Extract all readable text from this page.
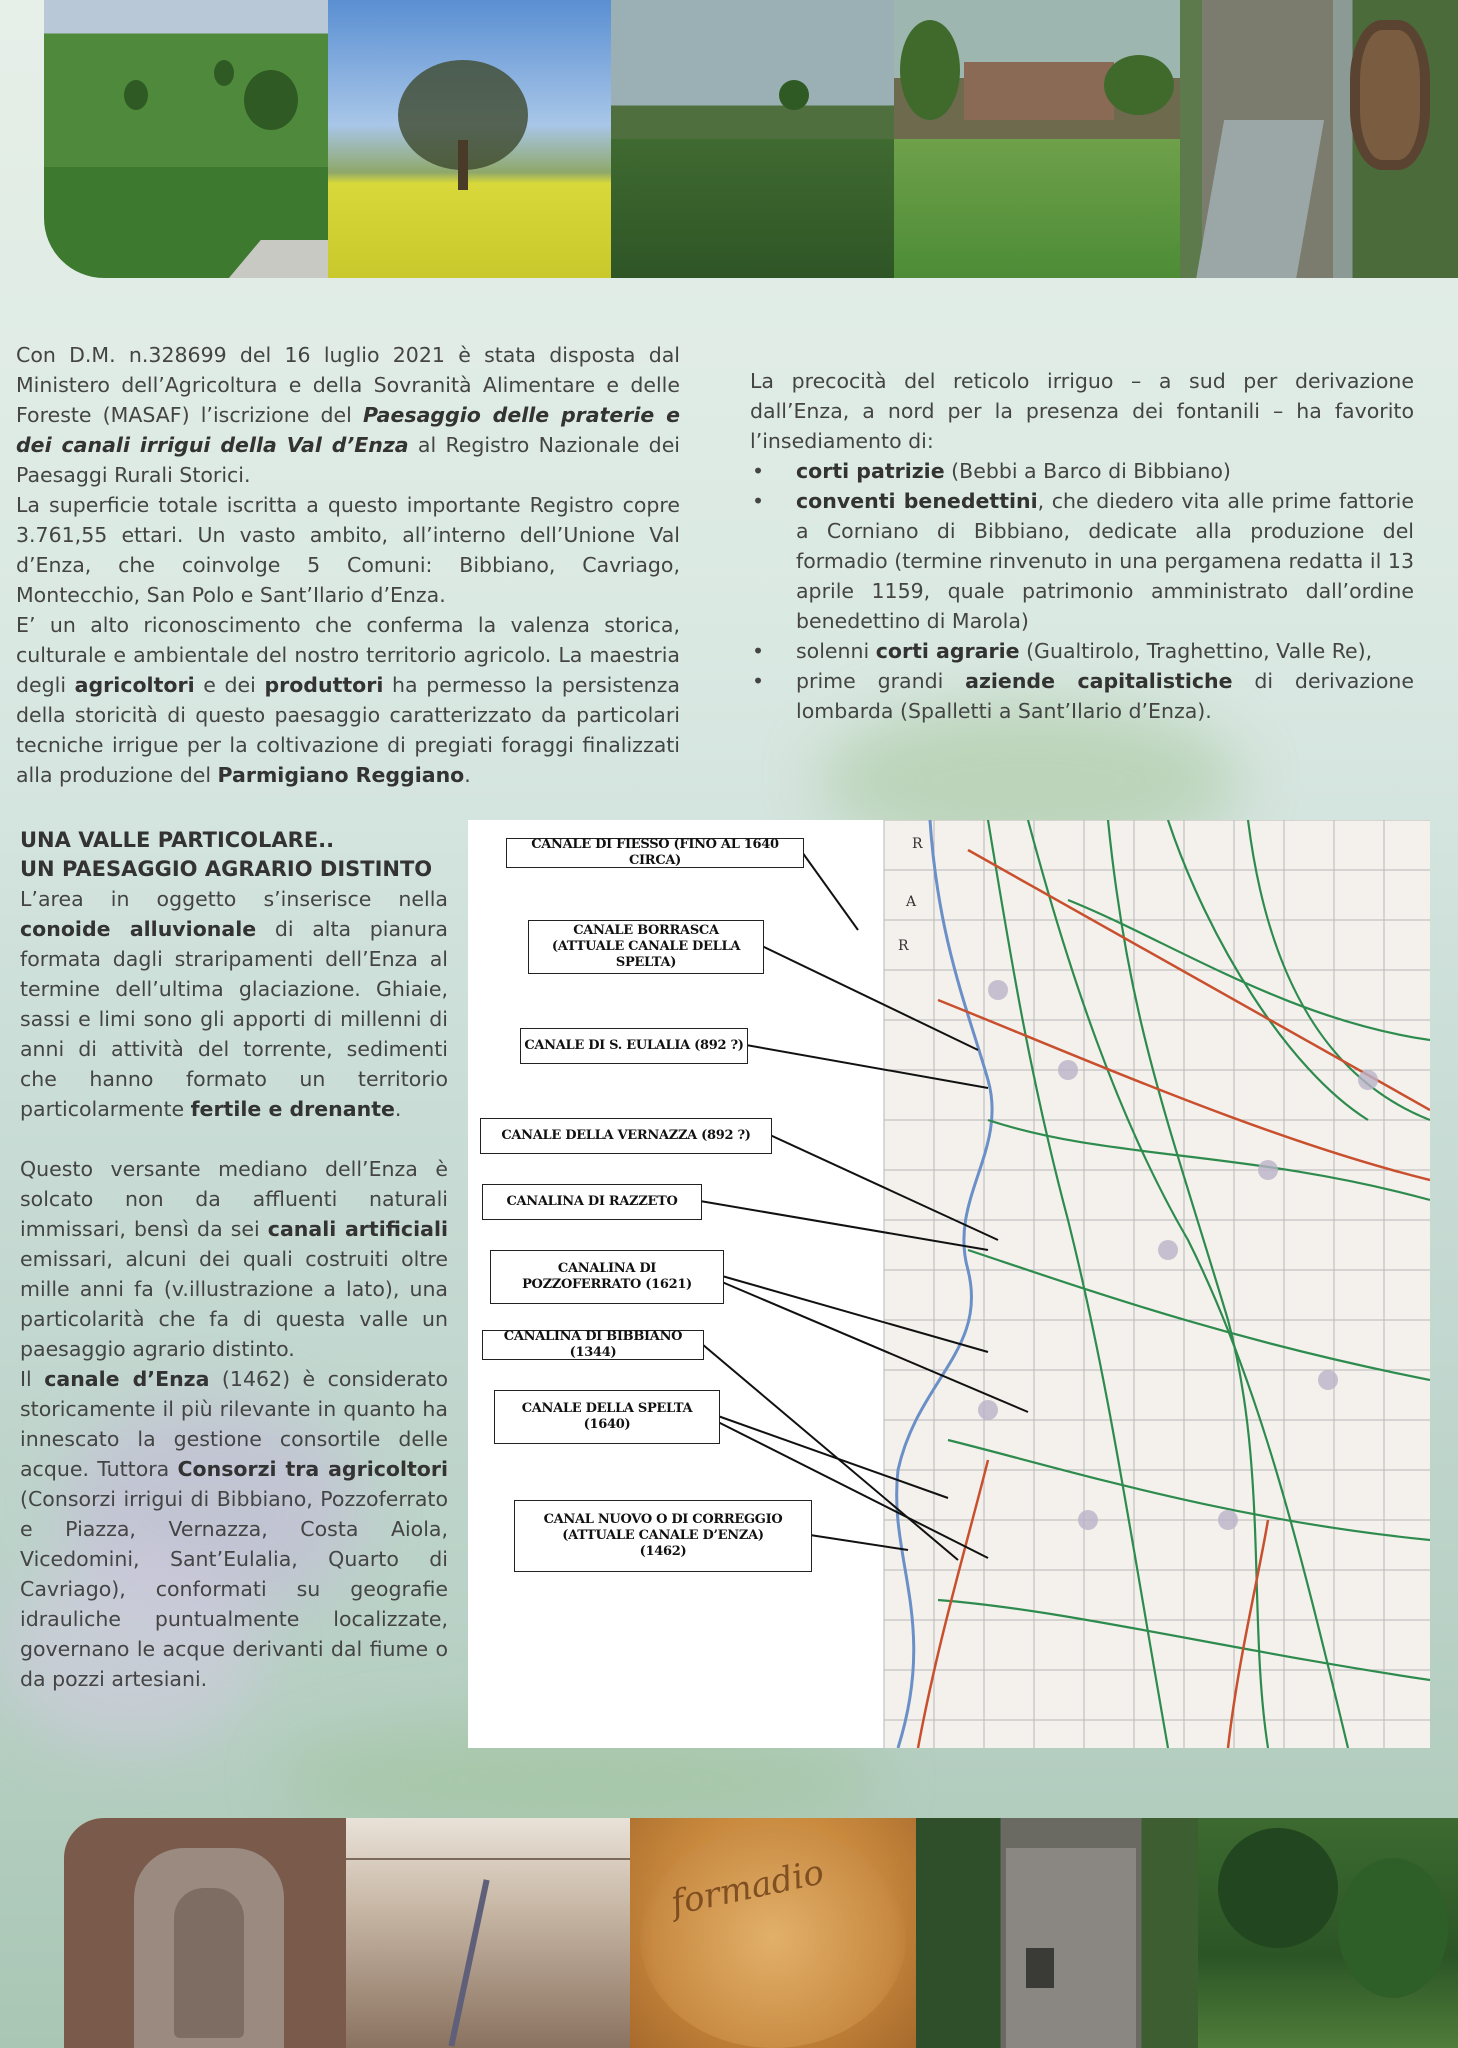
Con D.M. n.328699 del 16 luglio 2021 è stata disposta dal Ministero dell’Agricoltura e della Sovranità Alimentare e delle Foreste (MASAF) l’iscrizione del Paesaggio delle praterie e dei canali irrigui della Val d’Enza al Registro Nazionale dei Paesaggi Rurali Storici.

La superficie totale iscritta a questo importante Registro copre 3.761,55 ettari. Un vasto ambito, all’interno dell’Unione Val d’Enza, che coinvolge 5 Comuni: Bibbiano, Cavriago, Montecchio, San Polo e Sant’Ilario d’Enza.

E’ un alto riconoscimento che conferma la valenza storica, culturale e ambientale del nostro territorio agricolo. La maestria degli agricoltori e dei produttori ha permesso la persistenza della storicità di questo paesaggio caratterizzato da particolari tecniche irrigue per la coltivazione di pregiati foraggi finalizzati alla produzione del Parmigiano Reggiano.

La precocità del reticolo irriguo – a sud per derivazione dall’Enza, a nord per la presenza dei fontanili – ha favorito l’insediamento di:

• corti patrizie (Bebbi a Barco di Bibbiano)
• conventi benedettini, che diedero vita alle prime fattorie a Corniano di Bibbiano, dedicate alla produzione del formadio (termine rinvenuto in una pergamena redatta il 13 aprile 1159, quale patrimonio amministrato dall’ordine benedettino di Marola)
• solenni corti agrarie (Gualtirolo, Traghettino, Valle Re),
• prime grandi aziende capitalistiche di derivazione lombarda (Spalletti a Sant’Ilario d’Enza).
UNA VALLE PARTICOLARE..
UN PAESAGGIO AGRARIO DISTINTO

L’area in oggetto s’inserisce nella conoide alluvionale di alta pianura formata dagli straripamenti dell’Enza al termine dell’ultima glaciazione. Ghiaie, sassi e limi sono gli apporti di millenni di anni di attività del torrente, sedimenti che hanno formato un territorio particolarmente fertile e drenante.

Questo versante mediano dell’Enza è solcato non da affluenti naturali immissari, bensì da sei canali artificiali emissari, alcuni dei quali costruiti oltre mille anni fa (v.illustrazione a lato), una particolarità che fa di questa valle un paesaggio agrario distinto.

Il canale d’Enza (1462) è considerato storicamente il più rilevante in quanto ha innescato la gestione consortile delle acque. Tuttora Consorzi tra agricoltori (Consorzi irrigui di Bibbiano, Pozzoferrato e Piazza, Vernazza, Costa Aiola, Vicedomini, Sant’Eulalia, Quarto di Cavriago), conformati su geografie idrauliche puntualmente localizzate, governano le acque derivanti dal fiume o da pozzi artesiani.

R
A
R
CANALE DI FIESSO (FINO AL 1640 CIRCA)
CANALE BORRASCA
(ATTUALE CANALE DELLA SPELTA)
CANALE DI S. EULALIA (892 ?)
CANALE DELLA VERNAZZA (892 ?)
CANALINA DI RAZZETO
CANALINA DI
POZZOFERRATO (1621)
CANALINA DI BIBBIANO (1344)
CANALE DELLA SPELTA
(1640)
CANAL NUOVO O DI CORREGGIO
(ATTUALE CANALE D’ENZA)
(1462)
formadio
